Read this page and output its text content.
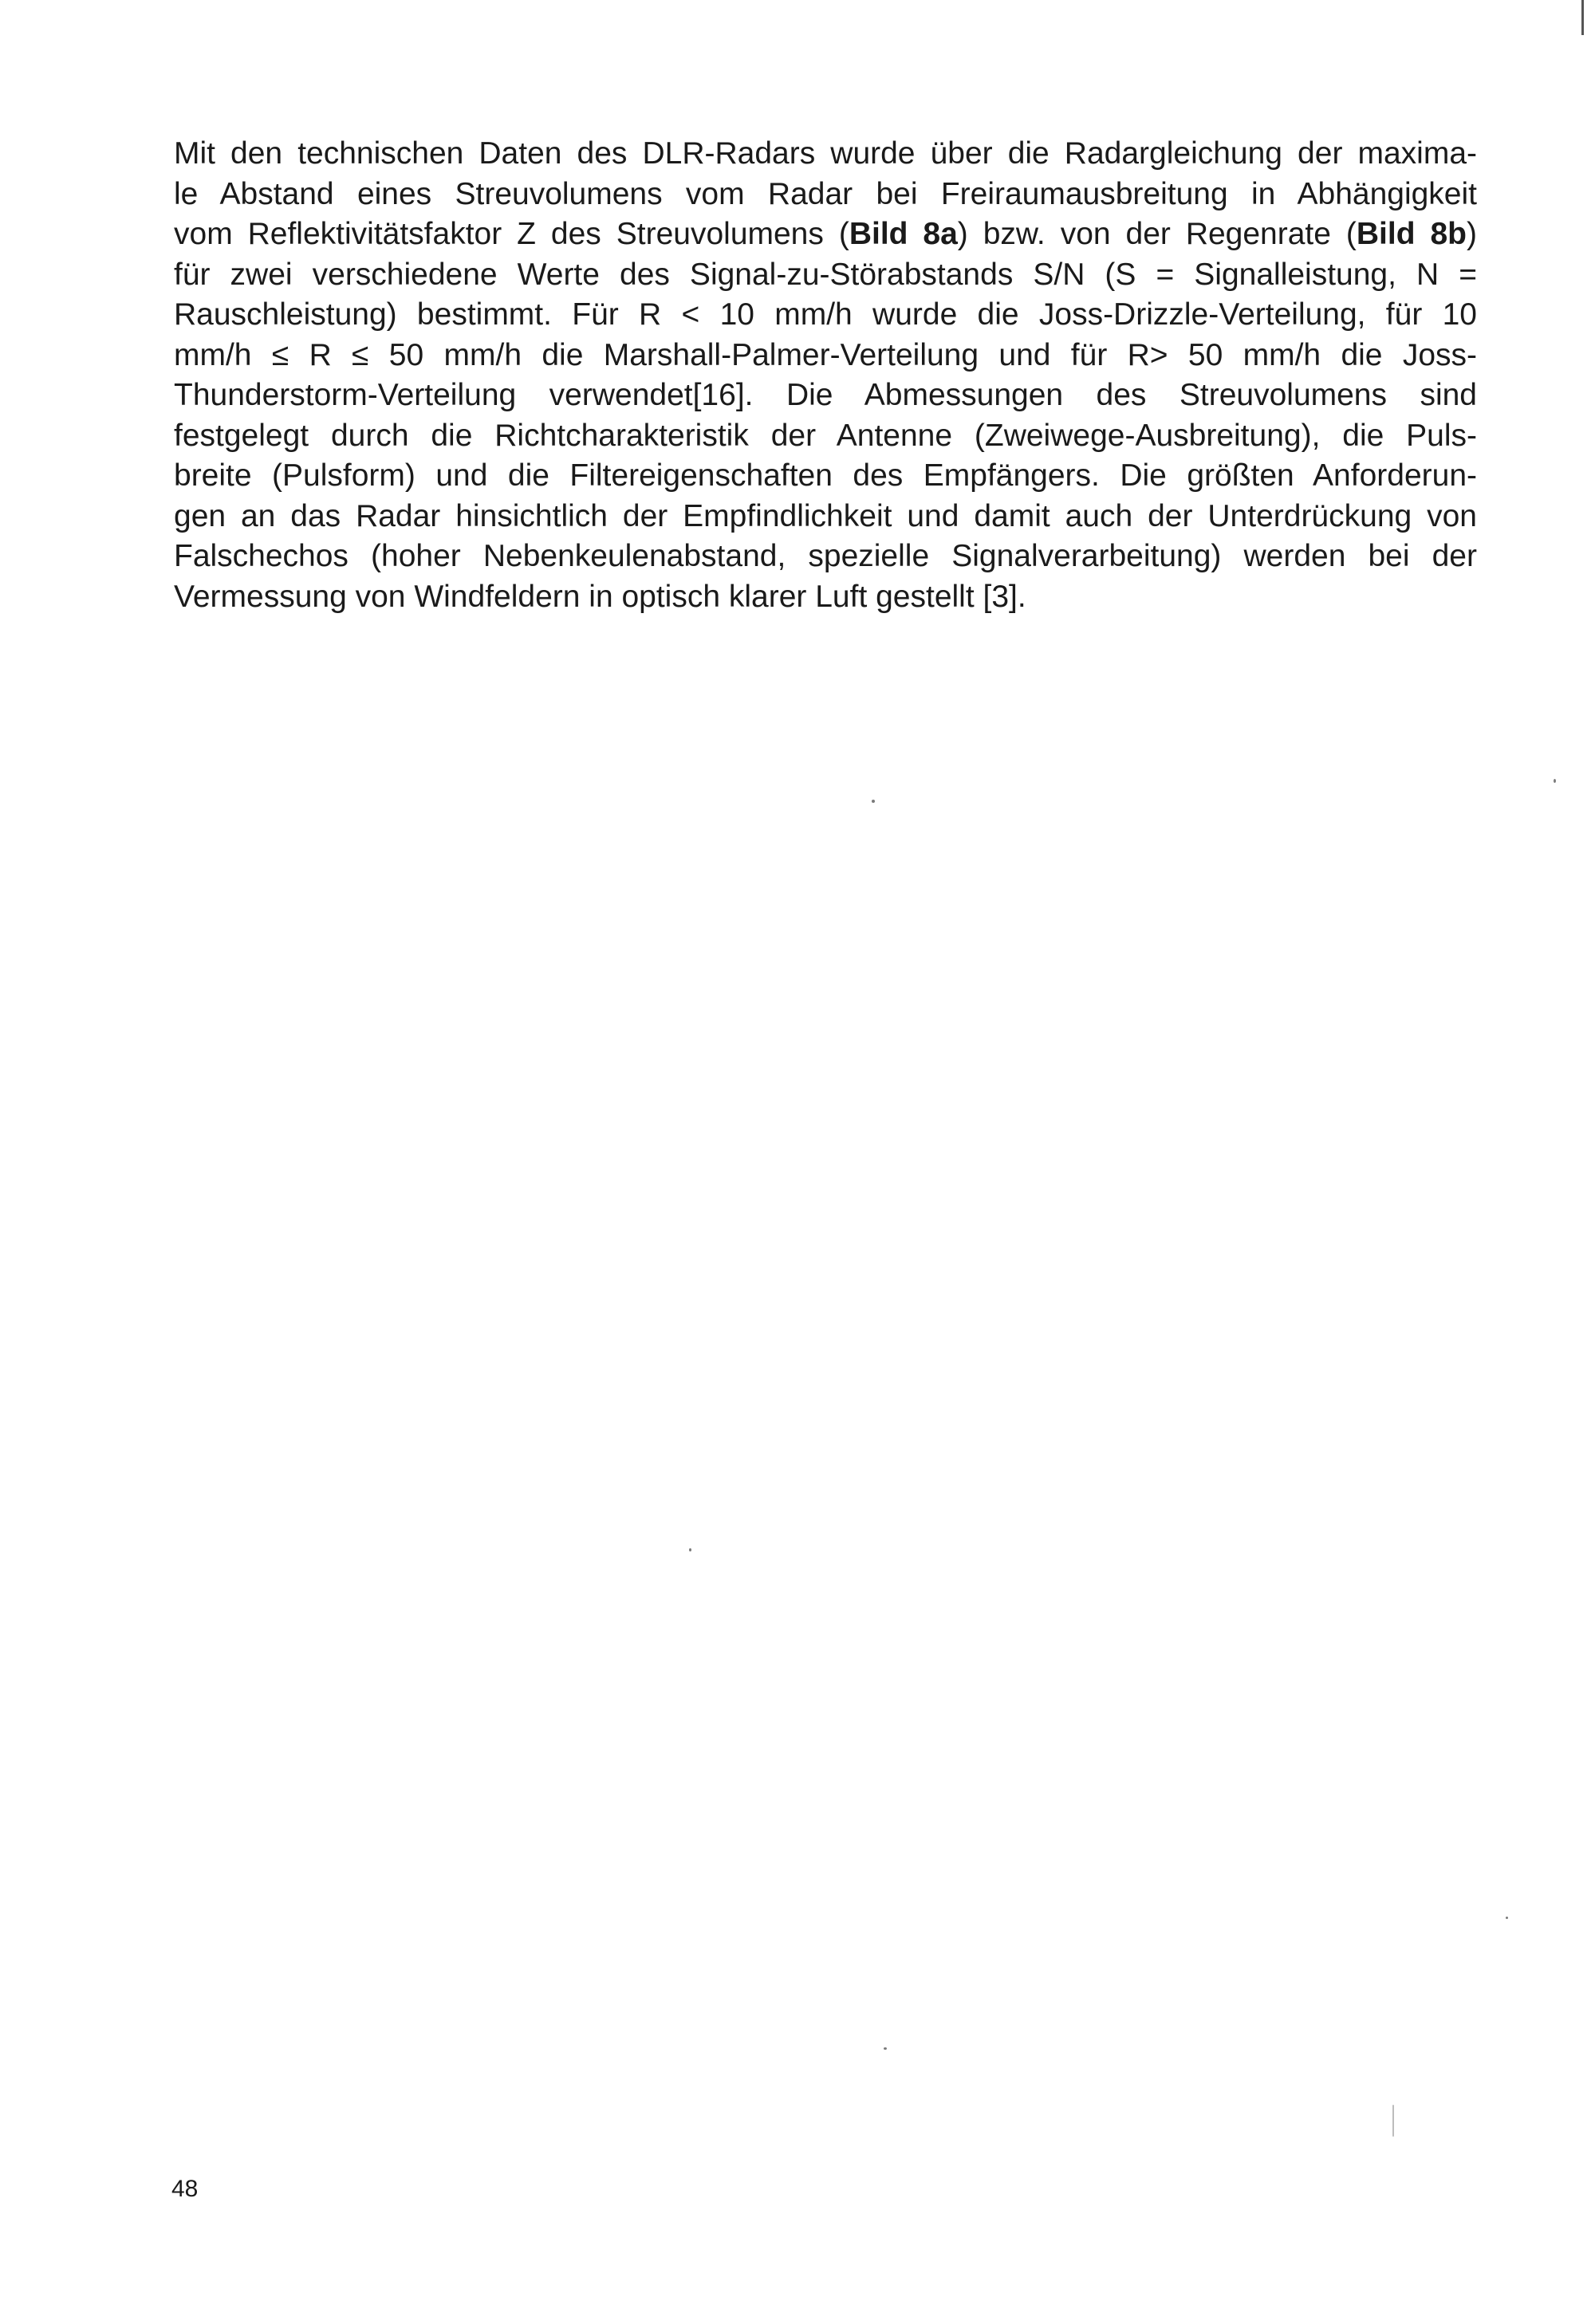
Mit den technischen Daten des DLR-Radars wurde über die Radargleichung der maxima-
le Abstand eines Streuvolumens vom Radar bei Freiraumausbreitung in Abhängigkeit
vom Reflektivitätsfaktor Z des Streuvolumens (Bild 8a) bzw. von der Regenrate (Bild 8b)
für zwei verschiedene Werte des Signal-zu-Störabstands S/N (S = Signalleistung, N =
Rauschleistung) bestimmt. Für R < 10 mm/h wurde die Joss-Drizzle-Verteilung, für 10
mm/h ≤ R ≤ 50 mm/h die Marshall-Palmer-Verteilung und für R> 50 mm/h die Joss-
Thunderstorm-Verteilung verwendet[16]. Die Abmessungen des Streuvolumens sind
festgelegt durch die Richtcharakteristik der Antenne (Zweiwege-Ausbreitung), die Puls-
breite (Pulsform) und die Filtereigenschaften des Empfängers. Die größten Anforderun-
gen an das Radar hinsichtlich der Empfindlichkeit und damit auch der Unterdrückung von
Falschechos (hoher Nebenkeulenabstand, spezielle Signalverarbeitung) werden bei der
Vermessung von Windfeldern in optisch klarer Luft gestellt [3].

48
